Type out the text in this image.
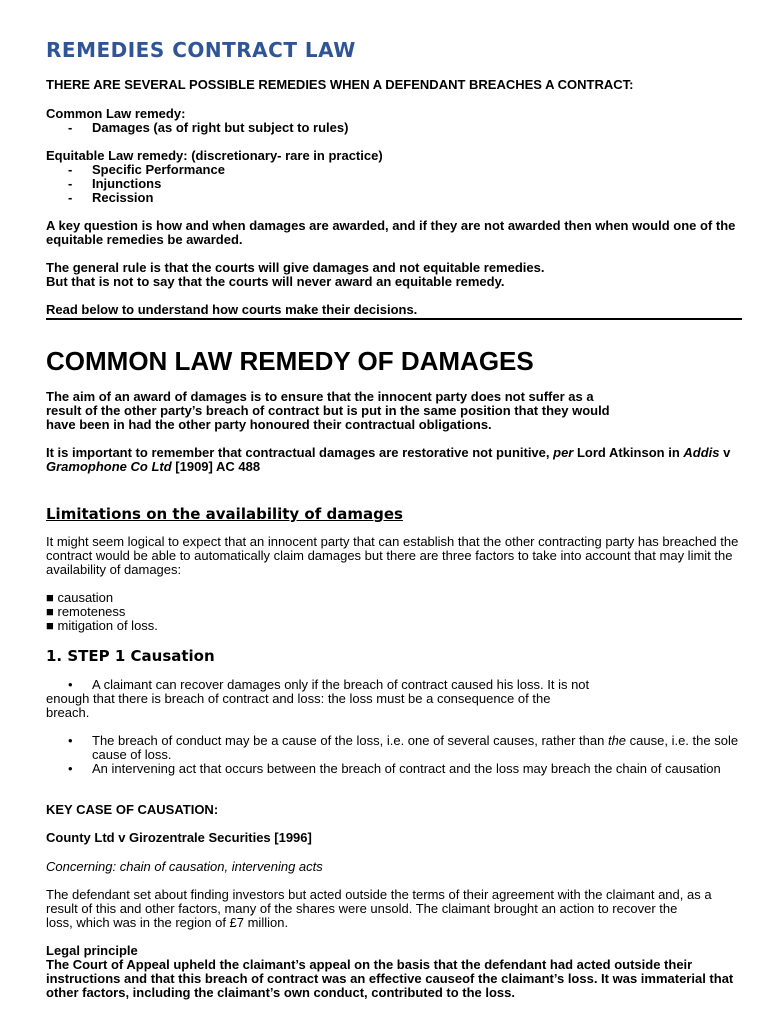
REMEDIES CONTRACT LAW
THERE ARE SEVERAL POSSIBLE REMEDIES WHEN A DEFENDANT BREACHES A CONTRACT:
Common Law remedy:
- Damages (as of right but subject to rules)
Equitable Law remedy: (discretionary- rare in practice)
- Specific Performance
- Injunctions
- Recission
A key question is how and when damages are awarded, and if they are not awarded then when would one of the
equitable remedies be awarded.
The general rule is that the courts will give damages and not equitable remedies.
But that is not to say that the courts will never award an equitable remedy.
Read below to understand how courts make their decisions.
COMMON LAW REMEDY OF DAMAGES
The aim of an award of damages is to ensure that the innocent party does not suffer as a
result of the other party’s breach of contract but is put in the same position that they would
have been in had the other party honoured their contractual obligations.
It is important to remember that contractual damages are restorative not punitive, per Lord Atkinson in Addis v
Gramophone Co Ltd [1909] AC 488
Limitations on the availability of damages
It might seem logical to expect that an innocent party that can establish that the other contracting party has breached the
contract would be able to automatically claim damages but there are three factors to take into account that may limit the
availability of damages:
■ causation
■ remoteness
■ mitigation of loss.
1. STEP 1 Causation
• A claimant can recover damages only if the breach of contract caused his loss. It is not
enough that there is breach of contract and loss: the loss must be a consequence of the
breach.
• The breach of conduct may be a cause of the loss, i.e. one of several causes, rather than the cause, i.e. the sole
cause of loss.
• An intervening act that occurs between the breach of contract and the loss may breach the chain of causation
KEY CASE OF CAUSATION:
County Ltd v Girozentrale Securities [1996]
Concerning: chain of causation, intervening acts
The defendant set about finding investors but acted outside the terms of their agreement with the claimant and, as a
result of this and other factors, many of the shares were unsold. The claimant brought an action to recover the
loss, which was in the region of £7 million.
Legal principle
The Court of Appeal upheld the claimant’s appeal on the basis that the defendant had acted outside their
instructions and that this breach of contract was an effective causeof the claimant’s loss. It was immaterial that
other factors, including the claimant’s own conduct, contributed to the loss.
